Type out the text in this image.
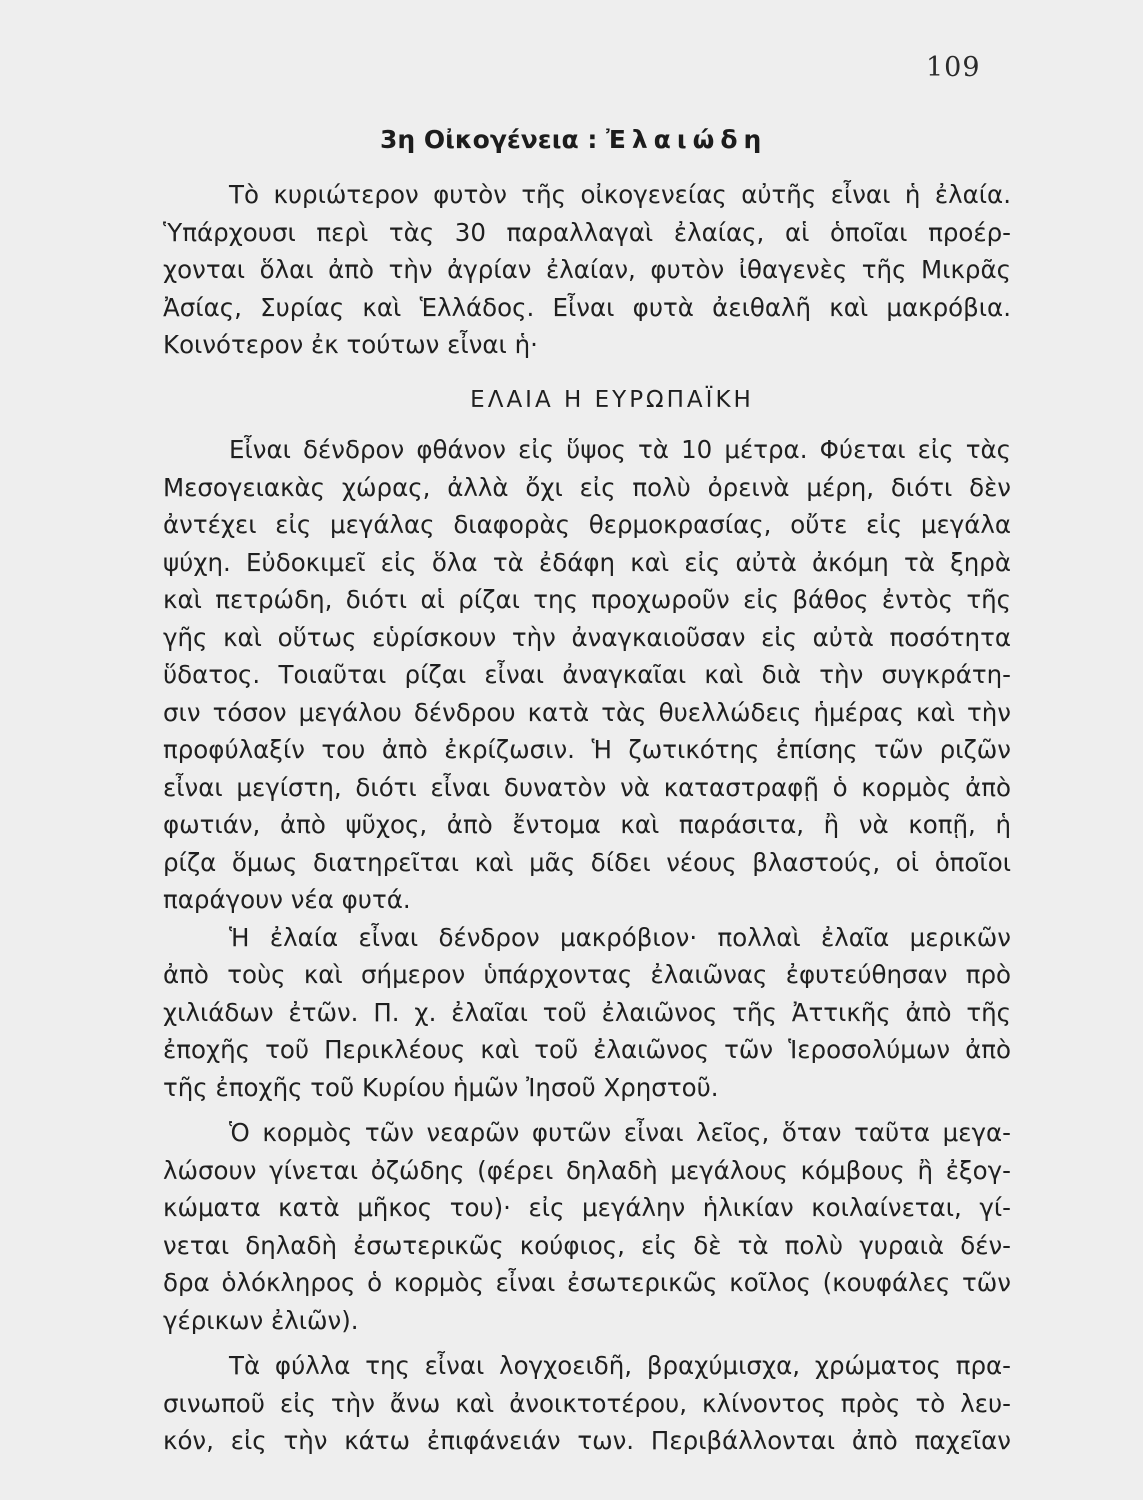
109
3η Οἰκογένεια : Ἐλαιώδη

Τὸ κυριώτερον φυτὸν τῆς οἰκογενείας αὐτῆς εἶναι ἡ ἐλαία.

Ὑπάρχουσι περὶ τὰς 30 παραλλαγαὶ ἐλαίας, αἱ ὁποῖαι προέρ-

χονται ὅλαι ἀπὸ τὴν ἀγρίαν ἐλαίαν, φυτὸν ἰθαγενὲς τῆς Μικρᾶς

Ἀσίας, Συρίας καὶ Ἑλλάδος. Εἶναι φυτὰ ἀειθαλῆ καὶ μακρόβια.

Κοινότερον ἐκ τούτων εἶναι ἡ·

ΕΛΑΙΑ Η ΕΥΡΩΠΑΪΚΗ

Εἶναι δένδρον φθάνον εἰς ὕψος τὰ 10 μέτρα. Φύεται εἰς τὰς

Μεσογειακὰς χώρας, ἀλλὰ ὄχι εἰς πολὺ ὀρεινὰ μέρη, διότι δὲν

ἀντέχει εἰς μεγάλας διαφορὰς θερμοκρασίας, οὔτε εἰς μεγάλα

ψύχη. Εὐδοκιμεῖ εἰς ὅλα τὰ ἐδάφη καὶ εἰς αὐτὰ ἀκόμη τὰ ξηρὰ

καὶ πετρώδη, διότι αἱ ρίζαι της προχωροῦν εἰς βάθος ἐντὸς τῆς

γῆς καὶ οὕτως εὑρίσκουν τὴν ἀναγκαιοῦσαν εἰς αὐτὰ ποσότητα

ὕδατος. Τοιαῦται ρίζαι εἶναι ἀναγκαῖαι καὶ διὰ τὴν συγκράτη-

σιν τόσον μεγάλου δένδρου κατὰ τὰς θυελλώδεις ἡμέρας καὶ τὴν

προφύλαξίν του ἀπὸ ἐκρίζωσιν. Ἡ ζωτικότης ἐπίσης τῶν ριζῶν

εἶναι μεγίστη, διότι εἶναι δυνατὸν νὰ καταστραφῇ ὁ κορμὸς ἀπὸ

φωτιάν, ἀπὸ ψῦχος, ἀπὸ ἔντομα καὶ παράσιτα, ἢ νὰ κοπῇ, ἡ

ρίζα ὅμως διατηρεῖται καὶ μᾶς δίδει νέους βλαστούς, οἱ ὁποῖοι

παράγουν νέα φυτά.

Ἡ ἐλαία εἶναι δένδρον μακρόβιον· πολλαὶ ἐλαῖα μερικῶν

ἀπὸ τοὺς καὶ σήμερον ὑπάρχοντας ἐλαιῶνας ἐφυτεύθησαν πρὸ

χιλιάδων ἐτῶν. Π. χ. ἐλαῖαι τοῦ ἐλαιῶνος τῆς Ἀττικῆς ἀπὸ τῆς

ἐποχῆς τοῦ Περικλέους καὶ τοῦ ἐλαιῶνος τῶν Ἱεροσολύμων ἀπὸ

τῆς ἐποχῆς τοῦ Κυρίου ἡμῶν Ἰησοῦ Χρηστοῦ.

Ὁ κορμὸς τῶν νεαρῶν φυτῶν εἶναι λεῖος, ὅταν ταῦτα μεγα-

λώσουν γίνεται ὀζώδης (φέρει δηλαδὴ μεγάλους κόμβους ἢ ἐξογ-

κώματα κατὰ μῆκος του)· εἰς μεγάλην ἡλικίαν κοιλαίνεται, γί-

νεται δηλαδὴ ἐσωτερικῶς κούφιος, εἰς δὲ τὰ πολὺ γυραιὰ δέν-

δρα ὁλόκληρος ὁ κορμὸς εἶναι ἐσωτερικῶς κοῖλος (κουφάλες τῶν

γέρικων ἐλιῶν).

Τὰ φύλλα της εἶναι λογχοειδῆ, βραχύμισχα, χρώματος πρα-

σινωποῦ εἰς τὴν ἄνω καὶ ἀνοικτοτέρου, κλίνοντος πρὸς τὸ λευ-

κόν, εἰς τὴν κάτω ἐπιφάνειάν των. Περιβάλλονται ἀπὸ παχεῖαν
